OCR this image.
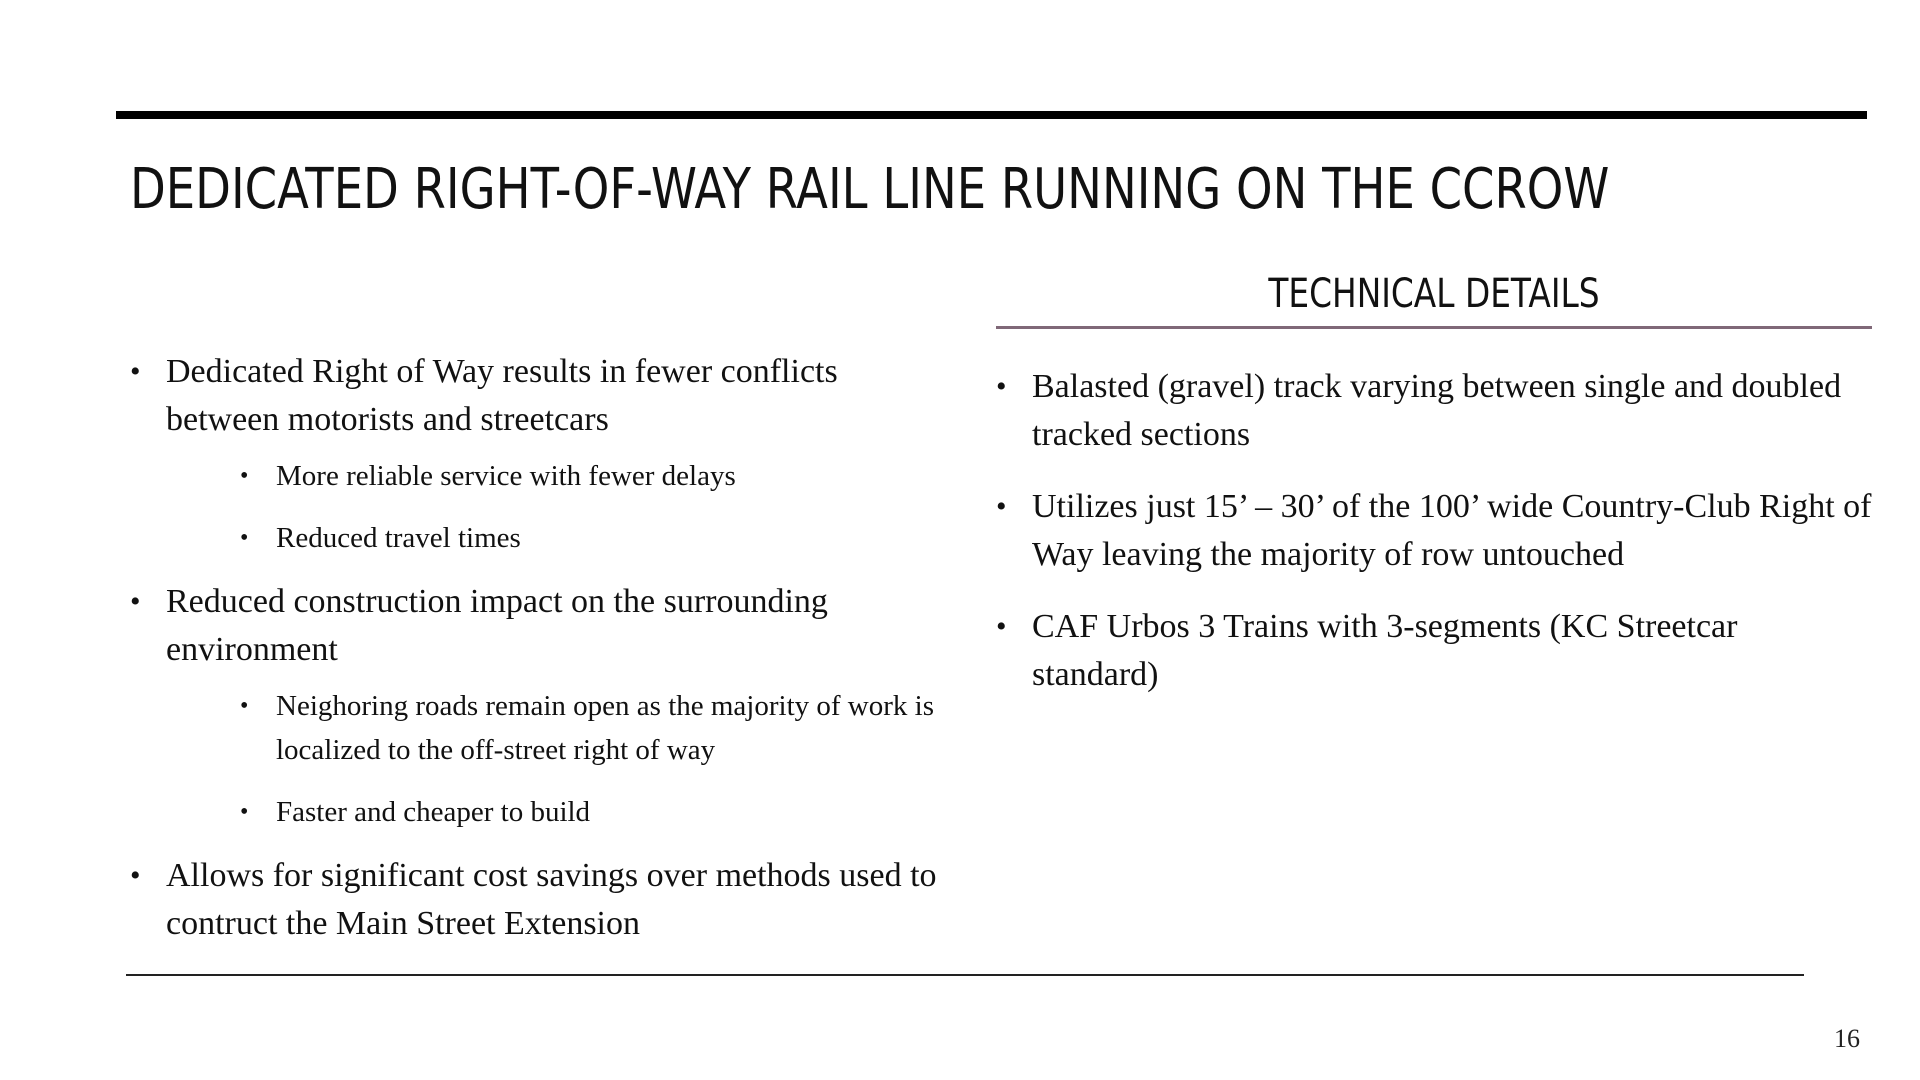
DEDICATED RIGHT-OF-WAY RAIL LINE RUNNING ON THE CCROW
• Dedicated Right of Way results in fewer conflicts between motorists and streetcars
• More reliable service with fewer delays
• Reduced travel times
• Reduced construction impact on the surrounding environment
• Neighoring roads remain open as the majority of work is localized to the off-street right of way
• Faster and cheaper to build
• Allows for significant cost savings over methods used to contruct the Main Street Extension
TECHNICAL DETAILS
• Balasted (gravel) track varying between single and doubled tracked sections
• Utilizes just 15’ – 30’ of the 100’ wide Country-Club Right of Way leaving the majority of row untouched
• CAF Urbos 3 Trains with 3-segments (KC Streetcar standard)
16
